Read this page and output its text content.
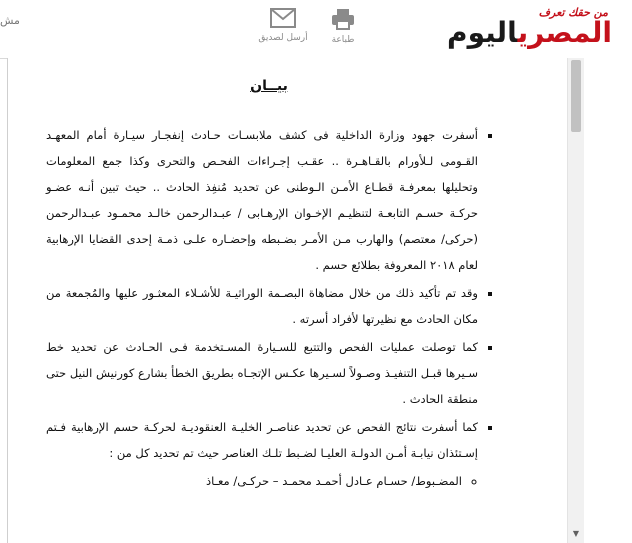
مش
أرسل لصديق	طباعة
من حقك تعرف
المصرياليوم
بيــان
▪ أسفرت جهود وزارة الداخلية فى كشف ملابسـات حـادث إنفجـار سيـارة أمام المعهـد القـومى لـلأورام بالقـاهـرة .. عقـب إجـراءات الفحـص والتحرى وكذا جمع المعلومات وتحليلها بمعرفـة قطـاع الأمـن الـوطنى عن تحديد مُنفِذ الحادث .. حيث تبين أنـه عضـو حركـة حسـم التابعـة لتنظيـم الإخـوان الإرهـابى / عبـدالرحمن خالـد محمـود عبـدالرحمن (حركى/ معتصم) والهارب مـن الأمـر بضـبطه وإحضـاره علـى ذمـة إحدى القضايا الإرهابية لعام ٢٠١٨ المعروفة بطلائع حسم .
▪ وقد تم تأكيد ذلك من خلال مضاهاة البصـمة الوراثيـة للأشـلاء المعثـور عليها والمُجمعة من مكان الحادث مع نظيرتها لأفراد أسرته .
▪ كما توصلت عمليات الفحص والتتبع للسـيارة المسـتخدمة فـى الحـادث عن تحديد خط سـيرها قبـل التنفيـذ وصـولاً لسـيرها عكـس الإتجـاه بطريق الخطأ بشارع كورنيش النيل حتى منطقة الحادث .
▪ كما أسفرت نتائج الفحص عن تحديد عناصـر الخليـة العنقوديـة لحركـة حسم الإرهابية فـتم إسـتئذان نيابـة أمـن الدولـة العليـا لضـبط تلـك العناصر حيث تم تحديد كل من :
◦ المضـبوط/ حسـام عـادل أحمـد محمـد – حركـى/ معـاذ
▼
